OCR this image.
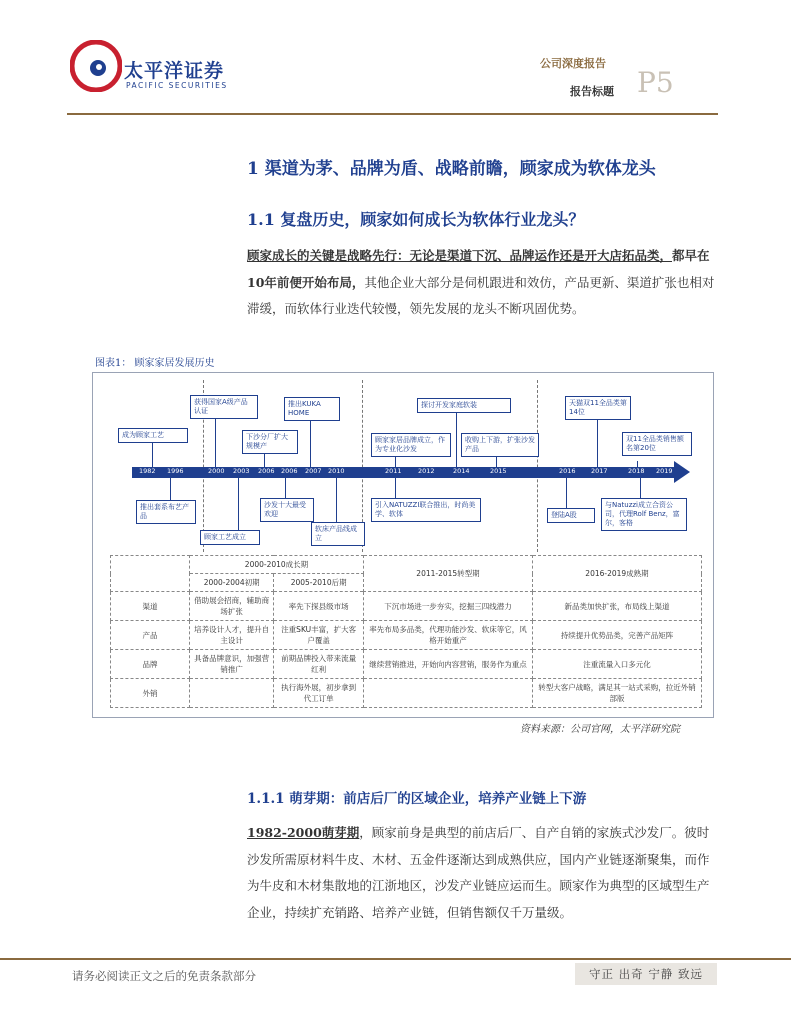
太平洋证券
PACIFIC SECURITIES
公司深度报告
报告标题 P5
1 渠道为茅、品牌为盾、战略前瞻，顾家成为软体龙头
1.1 复盘历史，顾家如何成长为软体行业龙头？
顾家成长的关键是战略先行：无论是渠道下沉、品牌运作还是开大店拓品类，都早在10年前便开始布局，其他企业大部分是伺机跟进和效仿，产品更新、渠道扩张也相对滞缓，而软体行业迭代较慢，领先发展的龙头不断巩固优势。
图表1： 顾家家居发展历史
1982 1996	2000 2003 2006 2006 2007 2010	2011	2012	2014	2015	2016 2017	2018 2019
成为顾家工艺
获得国家A级产品认证
下沙分厂扩大规模产
推出KUKA HOME
顾家家居品牌成立，作为专业化沙发
探讨开发家庭软装
收购上下游，扩张沙发产品
天猫双11全品类第14位
双11全品类销售额名第20位
推出套系布艺产品
顾家工艺成立
沙发十大最受欢迎
软床产品线成立
引入NATUZZI联合推出，时尚美学、软体	登陆A股
与Natuzzi成立合资公司，代理Rolf Benz，富尔，客格
	2000-2010成长期		2011-2015转型期	2016-2019成熟期
	2000-2004初期	2005-2010后期		
渠道	借助展会招商，辅助商场扩张	率先下探县级市场	下沉市场进一步夯实，挖掘三四线潜力	新品类加快扩张，布局线上渠道
产品	培养设计人才，提升自主设计	注重SKU丰富，扩大客户覆盖	率先布局多品类，代理功能沙发、软床等它，风格开始重产	持续提升优势品类，完善产品矩阵
品牌	具备品牌意识，加强营销推广	前期品牌投入带来流量红利	继续营销推进，开始向内容营销，服务作为重点	注重流量入口多元化
外销		执行海外展，初步拿到代工订单		转型大客户战略，满足其一站式采购，拉近外销部版
资料来源：公司官网，太平洋研究院
1.1.1 萌芽期：前店后厂的区域企业，培养产业链上下游
1982-2000萌芽期，顾家前身是典型的前店后厂、自产自销的家族式沙发厂。彼时沙发所需原材料牛皮、木材、五金件逐渐达到成熟供应，国内产业链逐渐聚集，而作为牛皮和木材集散地的江浙地区，沙发产业链应运而生。顾家作为典型的区域型生产企业，持续扩充销路、培养产业链，但销售额仅千万量级。
请务必阅读正文之后的免责条款部分	守正 出奇 宁静 致远
